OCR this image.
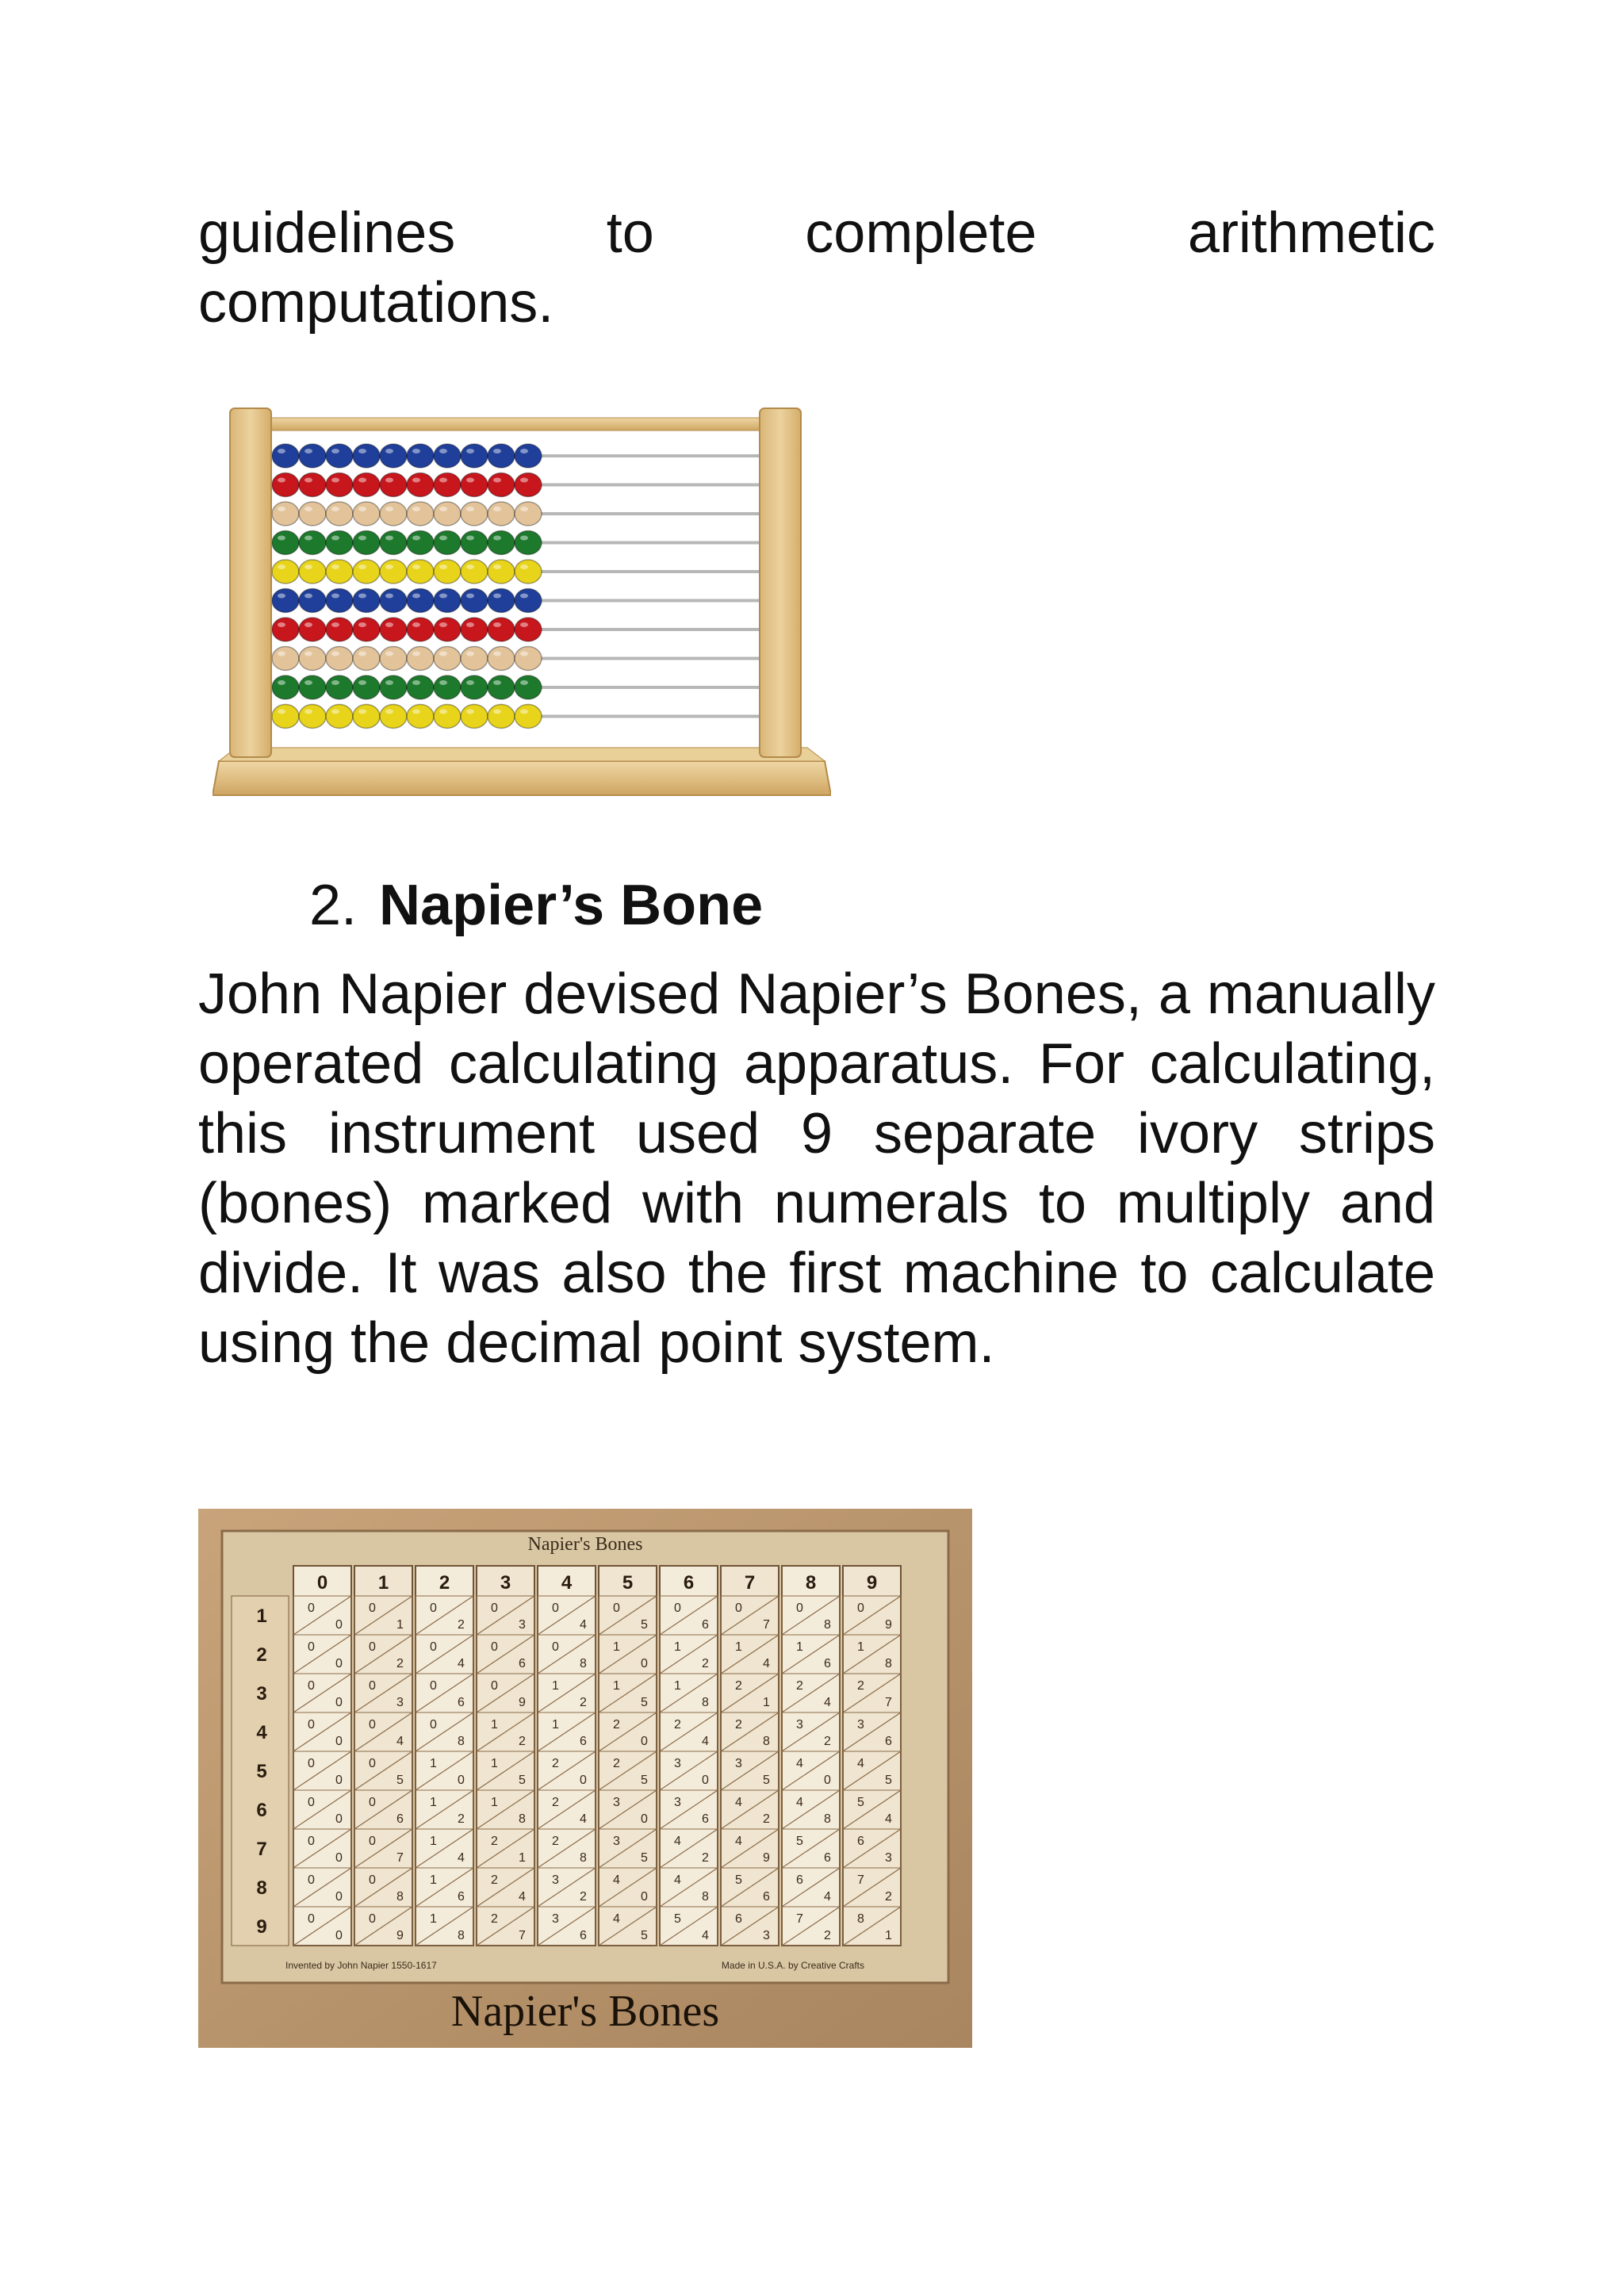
guidelines to complete arithmetic
computations.

2. Napier’s Bone

John Napier devised Napier’s Bones, a manually operated calculating apparatus. For calculating, this instrument used 9 separate ivory strips (bones) marked with numerals to multiply and divide. It was also the first machine to calculate using the decimal point system.

Napier's Bones
1
2
3
4
5
6
7
8
9
0
0
0
0
0
0
0
0
0
0
0
0
0
0
0
0
0
0
0
1
0
1
0
2
0
3
0
4
0
5
0
6
0
7
0
8
0
9
2
0
2
0
4
0
6
0
8
1
0
1
2
1
4
1
6
1
8
3
0
3
0
6
0
9
1
2
1
5
1
8
2
1
2
4
2
7
4
0
4
0
8
1
2
1
6
2
0
2
4
2
8
3
2
3
6
5
0
5
1
0
1
5
2
0
2
5
3
0
3
5
4
0
4
5
6
0
6
1
2
1
8
2
4
3
0
3
6
4
2
4
8
5
4
7
0
7
1
4
2
1
2
8
3
5
4
2
4
9
5
6
6
3
8
0
8
1
6
2
4
3
2
4
0
4
8
5
6
6
4
7
2
9
0
9
1
8
2
7
3
6
4
5
5
4
6
3
7
2
8
1
Invented by John Napier 1550-1617	Made in U.S.A. by Creative Crafts
Napier's Bones
